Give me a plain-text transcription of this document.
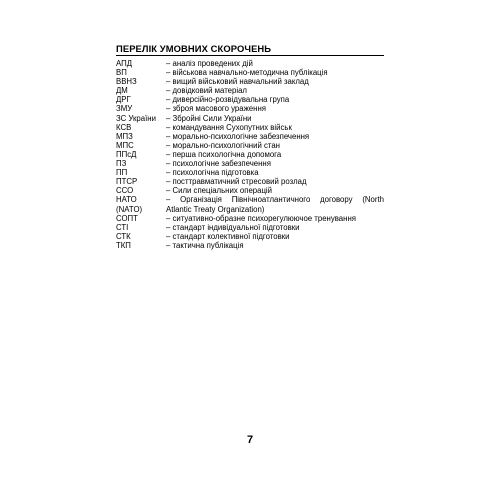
ПЕРЕЛІК УМОВНИХ СКОРОЧЕНЬ
АПД	– аналіз проведених дій
ВП	– військова навчально-методична публікація
ВВНЗ	– вищий військовий навчальний заклад
ДМ	– довідковий матеріал
ДРГ	– диверсійно-розвідувальна група
ЗМУ	– зброя масового ураження
ЗС України	– Збройні Сили України
КСВ	– командування Сухопутних військ
МПЗ	– морально-психологічне забезпечення
МПС	– морально-психологічний стан
ППсД	– перша психологічна допомога
ПЗ	– психологічне забезпечення
ПП	– психологічна підготовка
ПТСР	– посттравматичний стресовий розлад
ССО	– Сили спеціальних операцій
НАТО	– Організація Північноатлантичного договору (North
(NATO)	Atlantic Treaty Organization)
СОПТ	– ситуативно-образне психорегулюючое тренування
СТІ	– стандарт індивідуальної підготовки
СТК	– стандарт колективної підготовки
ТКП	– тактична публікація
7
